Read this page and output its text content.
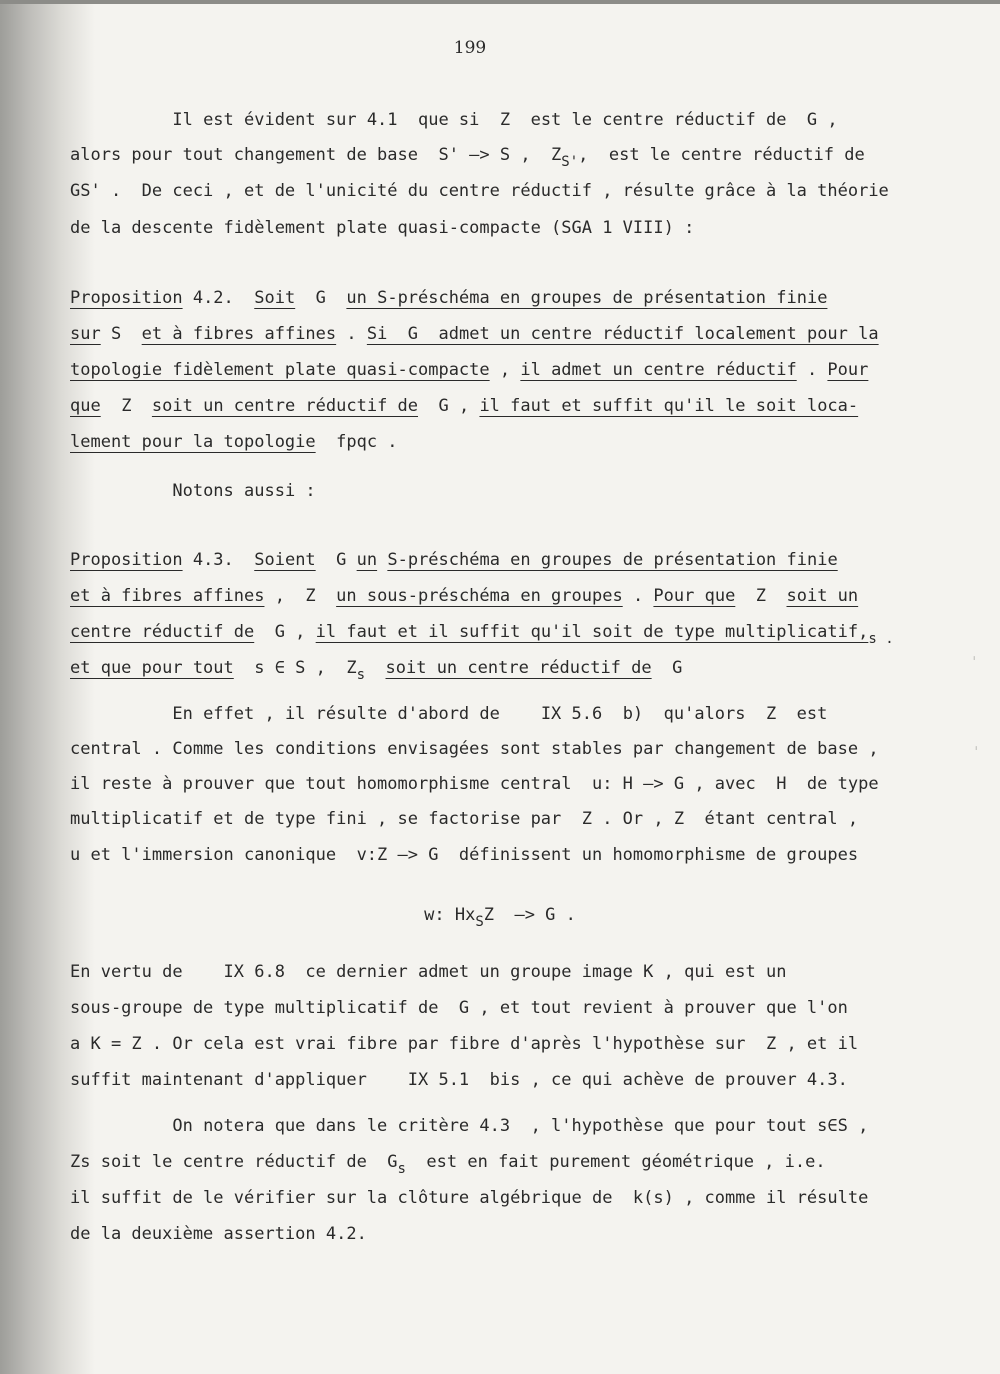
ˈ
ˈ
199
Il est évident sur 4.1  que si  Z  est le centre réductif de  G ,
alors pour tout changement de base  S' —> S ,  $Z_{S'}$,  est le centre réductif de
GS' .  De ceci , et de l'unicité du centre réductif , résulte grâce à la théorie
de la descente fidèlement plate quasi-compacte (SGA 1 VIII) :
Proposition 4.2.  Soit  G  un S-préschéma en groupes de présentation finie
sur S  et à fibres affines . Si  G  admet un centre réductif localement pour la
topologie fidèlement plate quasi-compacte , il admet un centre réductif . Pour
que  Z  soit un centre réductif de  G , il faut et suffit qu'il le soit loca-
lement pour la topologie  fpqc .
Notons aussi :
Proposition 4.3.  Soient  G un S-préschéma en groupes de présentation finie
et à fibres affines ,  Z  un sous-préschéma en groupes . Pour que  Z  soit un
centre réductif de  G , il faut et il suffit qu'il soit de type $multiplicatif,_{s .}$
et que pour tout  s ∈ S ,  $Z_s$ soit un centre réductif de  G
En effet , il résulte d'abord de    IX 5.6  b)  qu'alors  Z  est
central . Comme les conditions envisagées sont stables par changement de base ,
il reste à prouver que tout homomorphisme central  u: H —> G , avec  H  de type
multiplicatif et de type fini , se factorise par  Z . Or , Z  étant central ,
u et l'immersion canonique  v:Z —> G  définissent un homomorphisme de groupes
w: $Hx_SZ$  —> G .
En vertu de    IX 6.8  ce dernier admet un groupe image K , qui est un
sous-groupe de type multiplicatif de  G , et tout revient à prouver que l'on
a K = Z . Or cela est vrai fibre par fibre d'après l'hypothèse sur  Z , et il
suffit maintenant d'appliquer    IX 5.1  bis , ce qui achève de prouver 4.3.
On notera que dans le critère 4.3  , l'hypothèse que pour tout s∈S ,
Zs soit le centre réductif de  $G_s$  est en fait purement géométrique , i.e.
il suffit de le vérifier sur la clôture algébrique de  k(s) , comme il résulte
de la deuxième assertion 4.2.
